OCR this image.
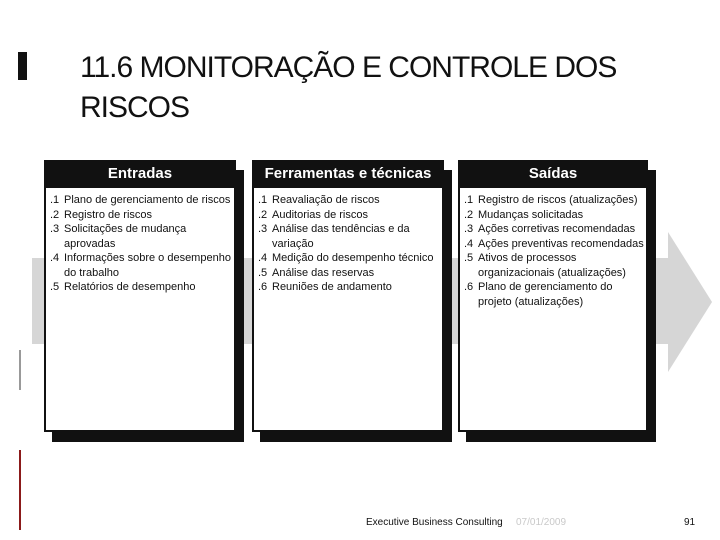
11.6 MONITORAÇÃO E CONTROLE DOS RISCOS
Entradas
.1 Plano de gerenciamento de riscos
.2 Registro de riscos
.3 Solicitações de mudança aprovadas
.4 Informações sobre o desempenho do trabalho
.5 Relatórios de desempenho
Ferramentas e técnicas
.1 Reavaliação de riscos
.2 Auditorias de riscos
.3 Análise das tendências e da variação
.4 Medição do desempenho técnico
.5 Análise das reservas
.6 Reuniões de andamento
Saídas
.1 Registro de riscos (atualizações)
.2 Mudanças solicitadas
.3 Ações corretivas recomendadas
.4 Ações preventivas recomendadas
.5 Ativos de processos organizacionais (atualizações)
.6 Plano de gerenciamento do projeto (atualizações)
Executive Business Consulting 07/01/2009	91
